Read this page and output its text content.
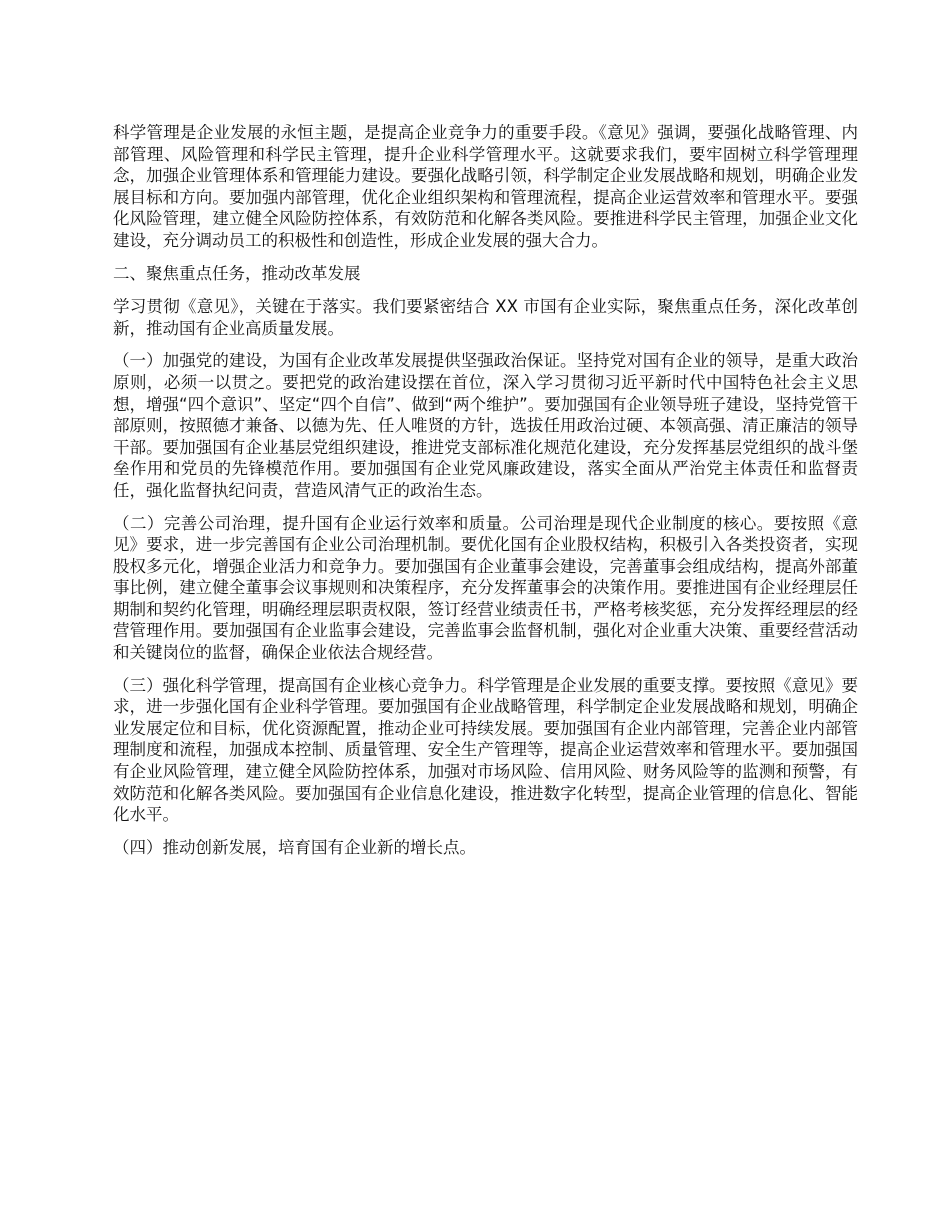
科学管理是企业发展的永恒主题，是提高企业竞争力的重要手段。《意见》强调，要强化战略管理、内部管理、风险管理和科学民主管理，提升企业科学管理水平。这就要求我们，要牢固树立科学管理理念，加强企业管理体系和管理能力建设。要强化战略引领，科学制定企业发展战略和规划，明确企业发展目标和方向。要加强内部管理，优化企业组织架构和管理流程，提高企业运营效率和管理水平。要强化风险管理，建立健全风险防控体系，有效防范和化解各类风险。要推进科学民主管理，加强企业文化建设，充分调动员工的积极性和创造性，形成企业发展的强大合力。

二、聚焦重点任务，推动改革发展

学习贯彻《意见》，关键在于落实。我们要紧密结合 XX 市国有企业实际，聚焦重点任务，深化改革创新，推动国有企业高质量发展。

（一）加强党的建设，为国有企业改革发展提供坚强政治保证。坚持党对国有企业的领导，是重大政治原则，必须一以贯之。要把党的政治建设摆在首位，深入学习贯彻习近平新时代中国特色社会主义思想，增强“四个意识”、坚定“四个自信”、做到“两个维护”。要加强国有企业领导班子建设，坚持党管干部原则，按照德才兼备、以德为先、任人唯贤的方针，选拔任用政治过硬、本领高强、清正廉洁的领导干部。要加强国有企业基层党组织建设，推进党支部标准化规范化建设，充分发挥基层党组织的战斗堡垒作用和党员的先锋模范作用。要加强国有企业党风廉政建设，落实全面从严治党主体责任和监督责任，强化监督执纪问责，营造风清气正的政治生态。

（二）完善公司治理，提升国有企业运行效率和质量。公司治理是现代企业制度的核心。要按照《意见》要求，进一步完善国有企业公司治理机制。要优化国有企业股权结构，积极引入各类投资者，实现股权多元化，增强企业活力和竞争力。要加强国有企业董事会建设，完善董事会组成结构，提高外部董事比例，建立健全董事会议事规则和决策程序，充分发挥董事会的决策作用。要推进国有企业经理层任期制和契约化管理，明确经理层职责权限，签订经营业绩责任书，严格考核奖惩，充分发挥经理层的经营管理作用。要加强国有企业监事会建设，完善监事会监督机制，强化对企业重大决策、重要经营活动和关键岗位的监督，确保企业依法合规经营。

（三）强化科学管理，提高国有企业核心竞争力。科学管理是企业发展的重要支撑。要按照《意见》要求，进一步强化国有企业科学管理。要加强国有企业战略管理，科学制定企业发展战略和规划，明确企业发展定位和目标，优化资源配置，推动企业可持续发展。要加强国有企业内部管理，完善企业内部管理制度和流程，加强成本控制、质量管理、安全生产管理等，提高企业运营效率和管理水平。要加强国有企业风险管理，建立健全风险防控体系，加强对市场风险、信用风险、财务风险等的监测和预警，有效防范和化解各类风险。要加强国有企业信息化建设，推进数字化转型，提高企业管理的信息化、智能化水平。

（四）推动创新发展，培育国有企业新的增长点。
